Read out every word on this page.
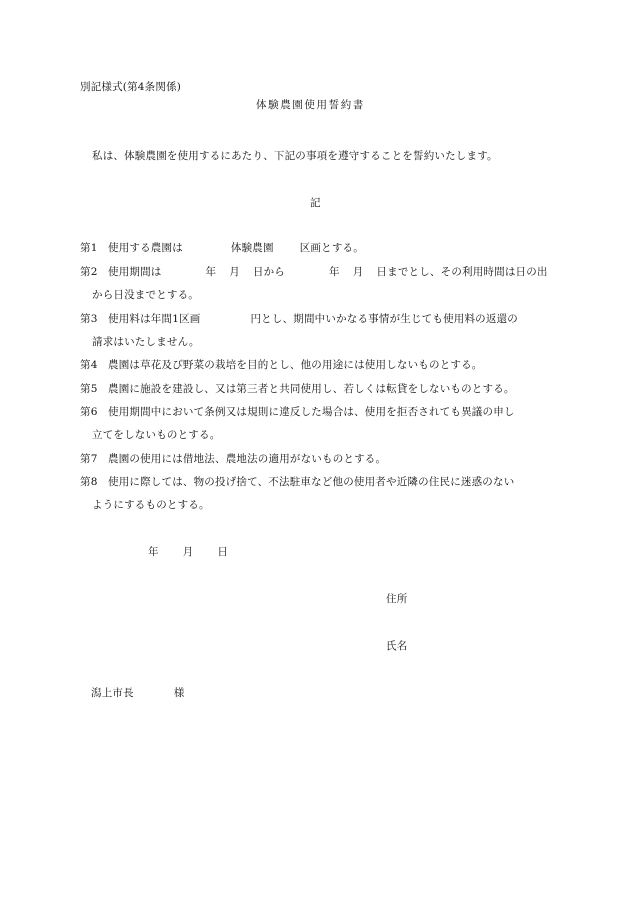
別記様式(第4条関係)
体験農園使用誓約書
私は、体験農園を使用するにあたり、下記の事項を遵守することを誓約いたします。
記
第1 使用する農園は	体験農園 区画とする。
第2 使用期間は	年 月 日から	年 月 日までとし、その利用時間は日の出
から日没までとする。
第3 使用料は年間1区画	円とし、期間中いかなる事情が生じても使用料の返還の
請求はいたしません。
第4 農園は草花及び野菜の栽培を目的とし、他の用途には使用しないものとする。
第5 農園に施設を建設し、又は第三者と共同使用し、若しくは転貸をしないものとする。
第6 使用期間中において条例又は規則に違反した場合は、使用を拒否されても異議の申し
立てをしないものとする。
第7 農園の使用には借地法、農地法の適用がないものとする。
第8 使用に際しては、物の投げ捨て、不法駐車など他の使用者や近隣の住民に迷惑のない
ようにするものとする。
年 月 日
住所
氏名
潟上市長	様
